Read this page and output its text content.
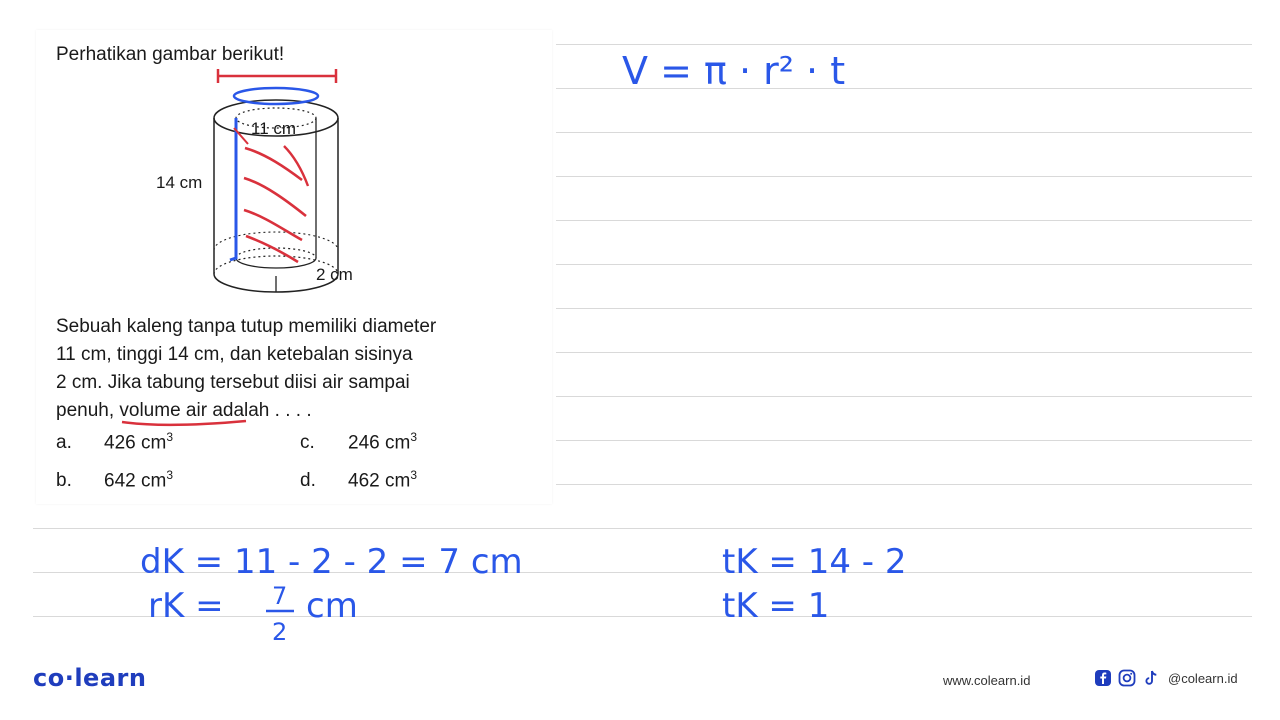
Perhatikan gambar berikut!
11 cm
14 cm
2 cm
Sebuah kaleng tanpa tutup memiliki diameter
11 cm, tinggi 14 cm, dan ketebalan sisinya
2 cm. Jika tabung tersebut diisi air sampai
penuh, volume air adalah . . . .
a. 426 $cm^3$
b. 642 $cm^3$
c. 246 $cm^3$
d. 462 $cm^3$
V = π · r² · t
dK = 11 - 2 - 2 = 7 cm
rK = 7
2
cm
tK = 14 - 2
tK = 1
co·learn	www.colearn.id	@colearn.id
